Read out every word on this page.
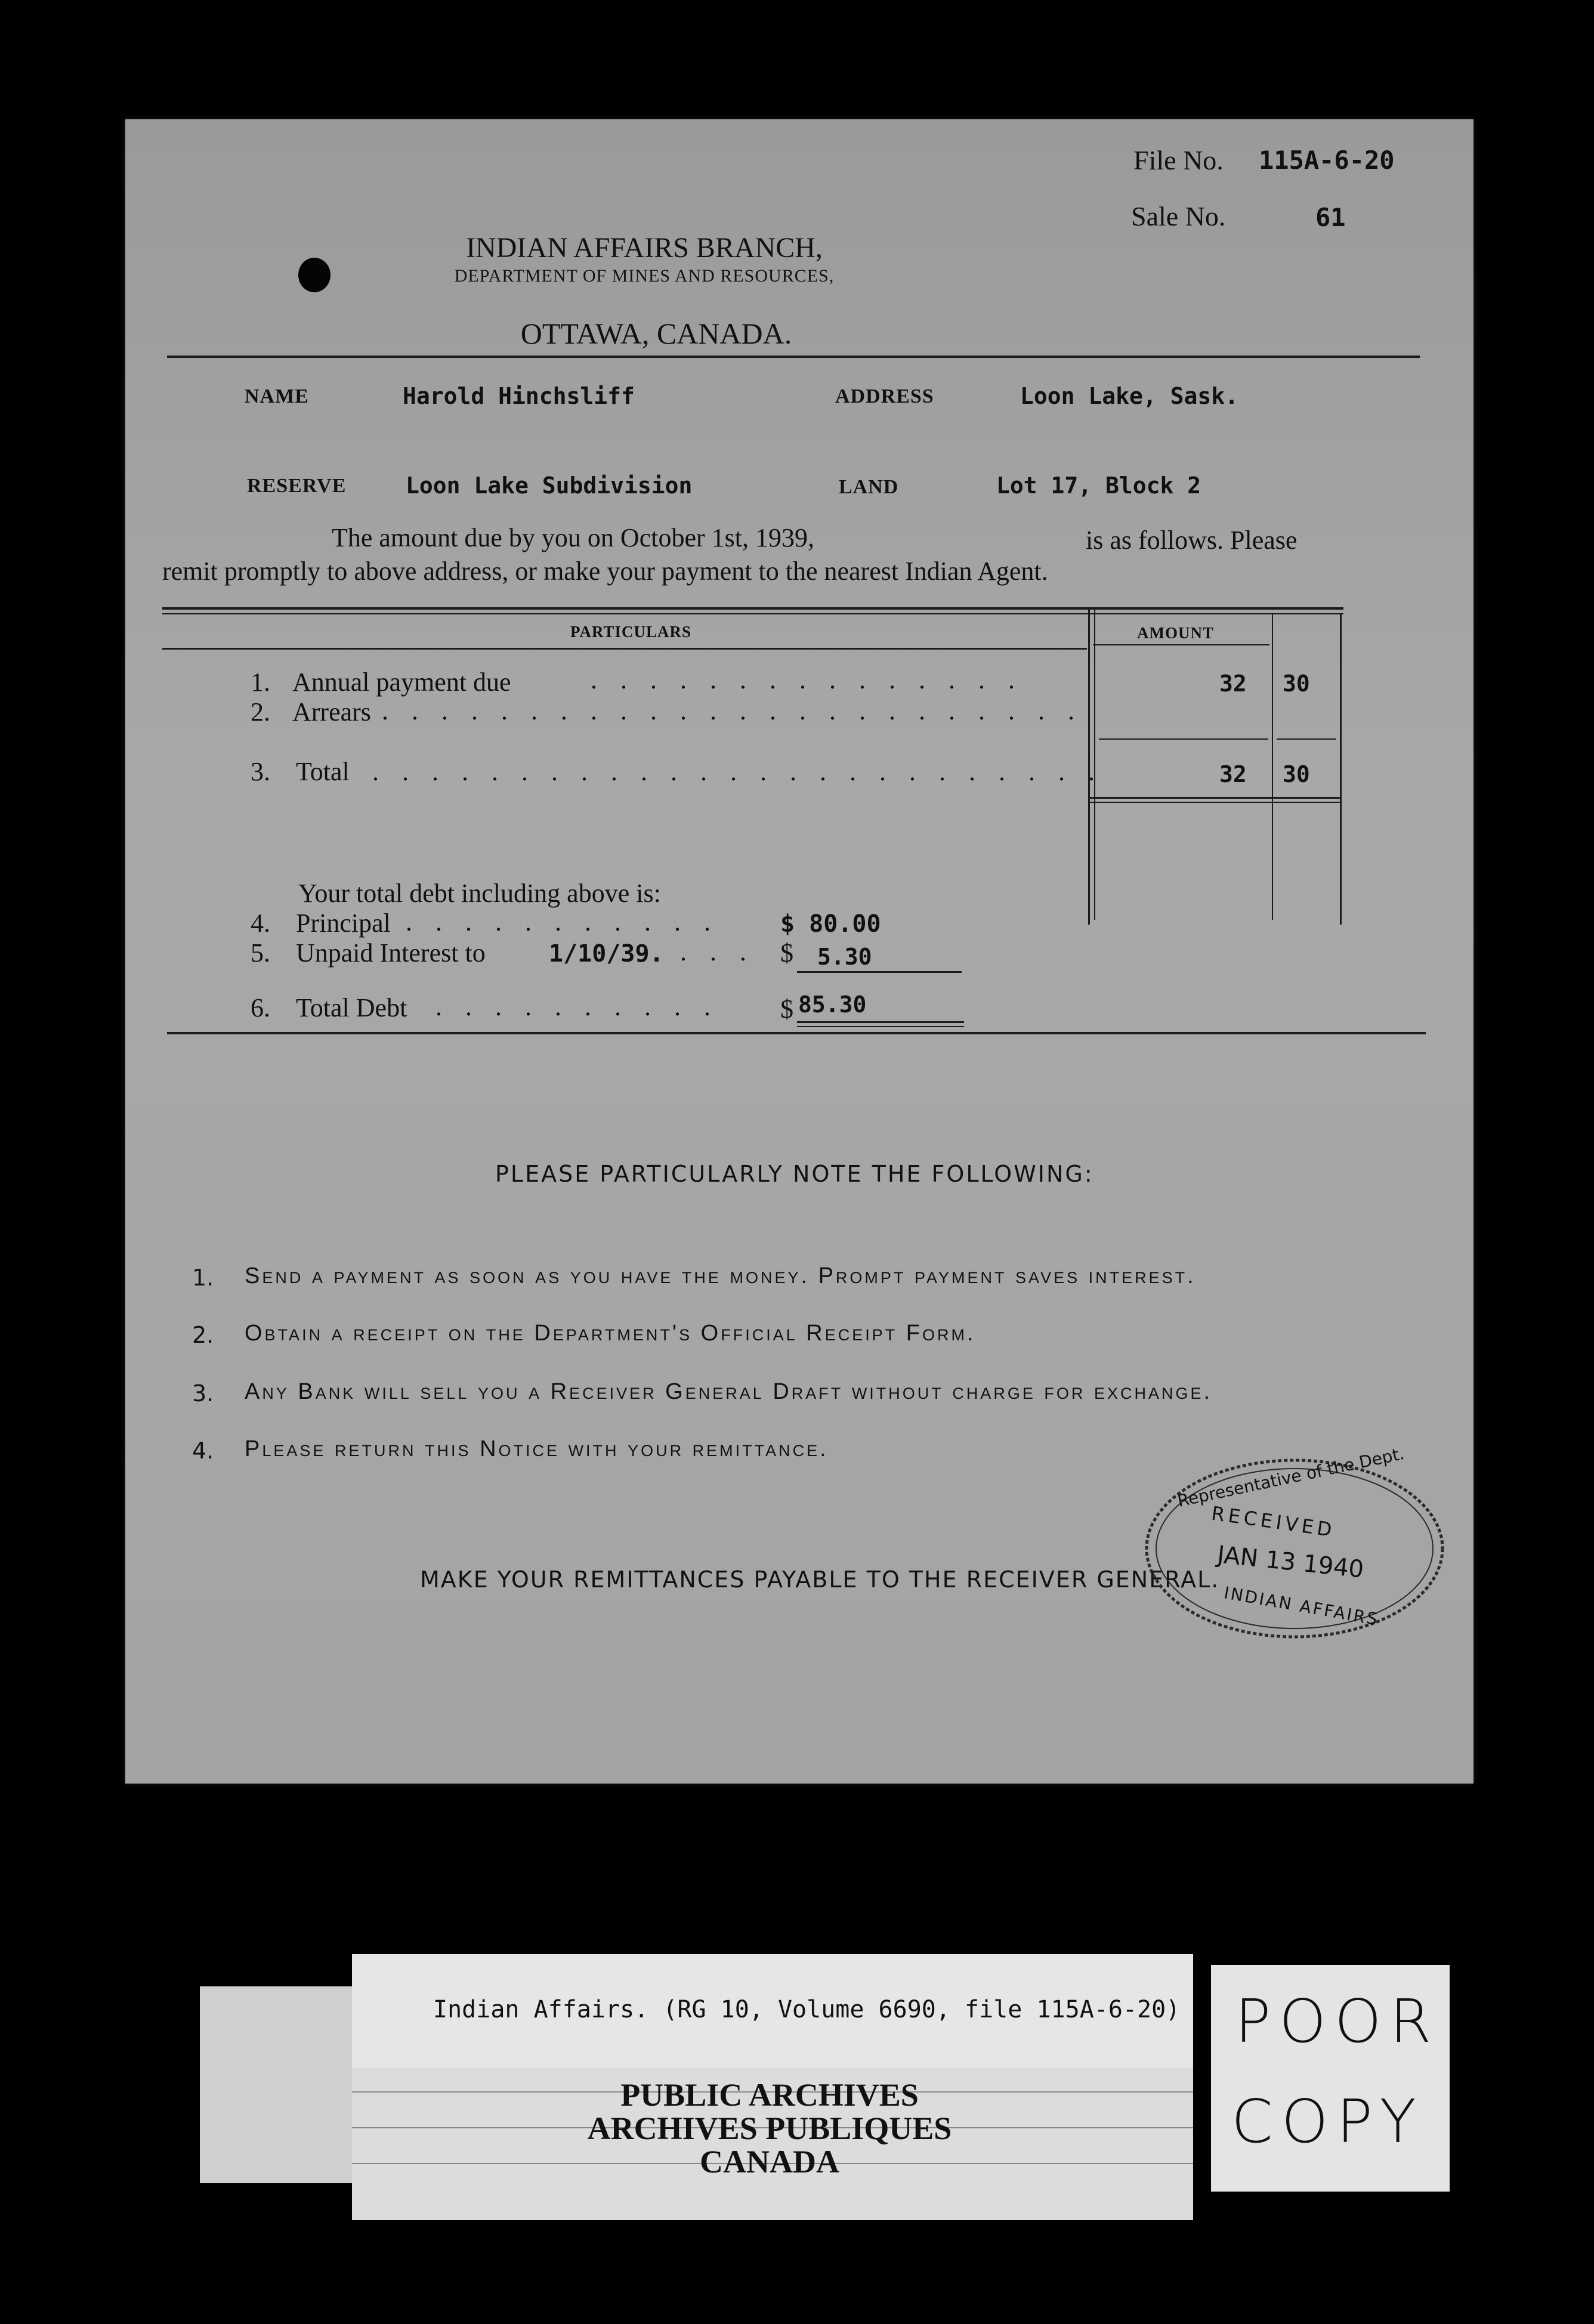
File No. 115A-6-20
Sale No.	61
INDIAN AFFAIRS BRANCH,
DEPARTMENT OF MINES AND RESOURCES,
OTTAWA, CANADA.
NAME	Harold Hinchsliff	ADDRESS	Loon Lake, Sask.
RESERVE	Loon Lake Subdivision	LAND	Lot 17, Block 2
The amount due by you on October 1st, 1939,	is as follows. Please
remit promptly to above address, or make your payment to the nearest Indian Agent.
PARTICULARS	AMOUNT
1. Annual payment due	. . . . . . . . . . . . . . .	32 30
2. Arrears . . . . . . . . . . . . . . . . . . . . . . . .
3. Total . . . . . . . . . . . . . . . . . . . . . . . . .	32 30
Your total debt including above is:
4. Principal . . . . . . . . . . .	$ 80.00
5. Unpaid Interest to	1/10/39. . . . $ 5.30
6. Total Debt . . . . . . . . . . $ 85.30
PLEASE PARTICULARLY NOTE THE FOLLOWING:
1. Send a payment as soon as you have the money. Prompt payment saves interest.
2. Obtain a receipt on the Department's Official Receipt Form.
3. Any Bank will sell you a Receiver General Draft without charge for exchange.
4. Please return this Notice with your remittance.
MAKE YOUR REMITTANCES PAYABLE TO THE RECEIVER GENERAL.
Representative of the Dept.
RECEIVED
JAN 13 1940
INDIAN AFFAIRS
Indian Affairs. (RG 10, Volume 6690, file 115A-6-20)
PUBLIC ARCHIVES
ARCHIVES PUBLIQUES
CANADA
POOR
COPY
